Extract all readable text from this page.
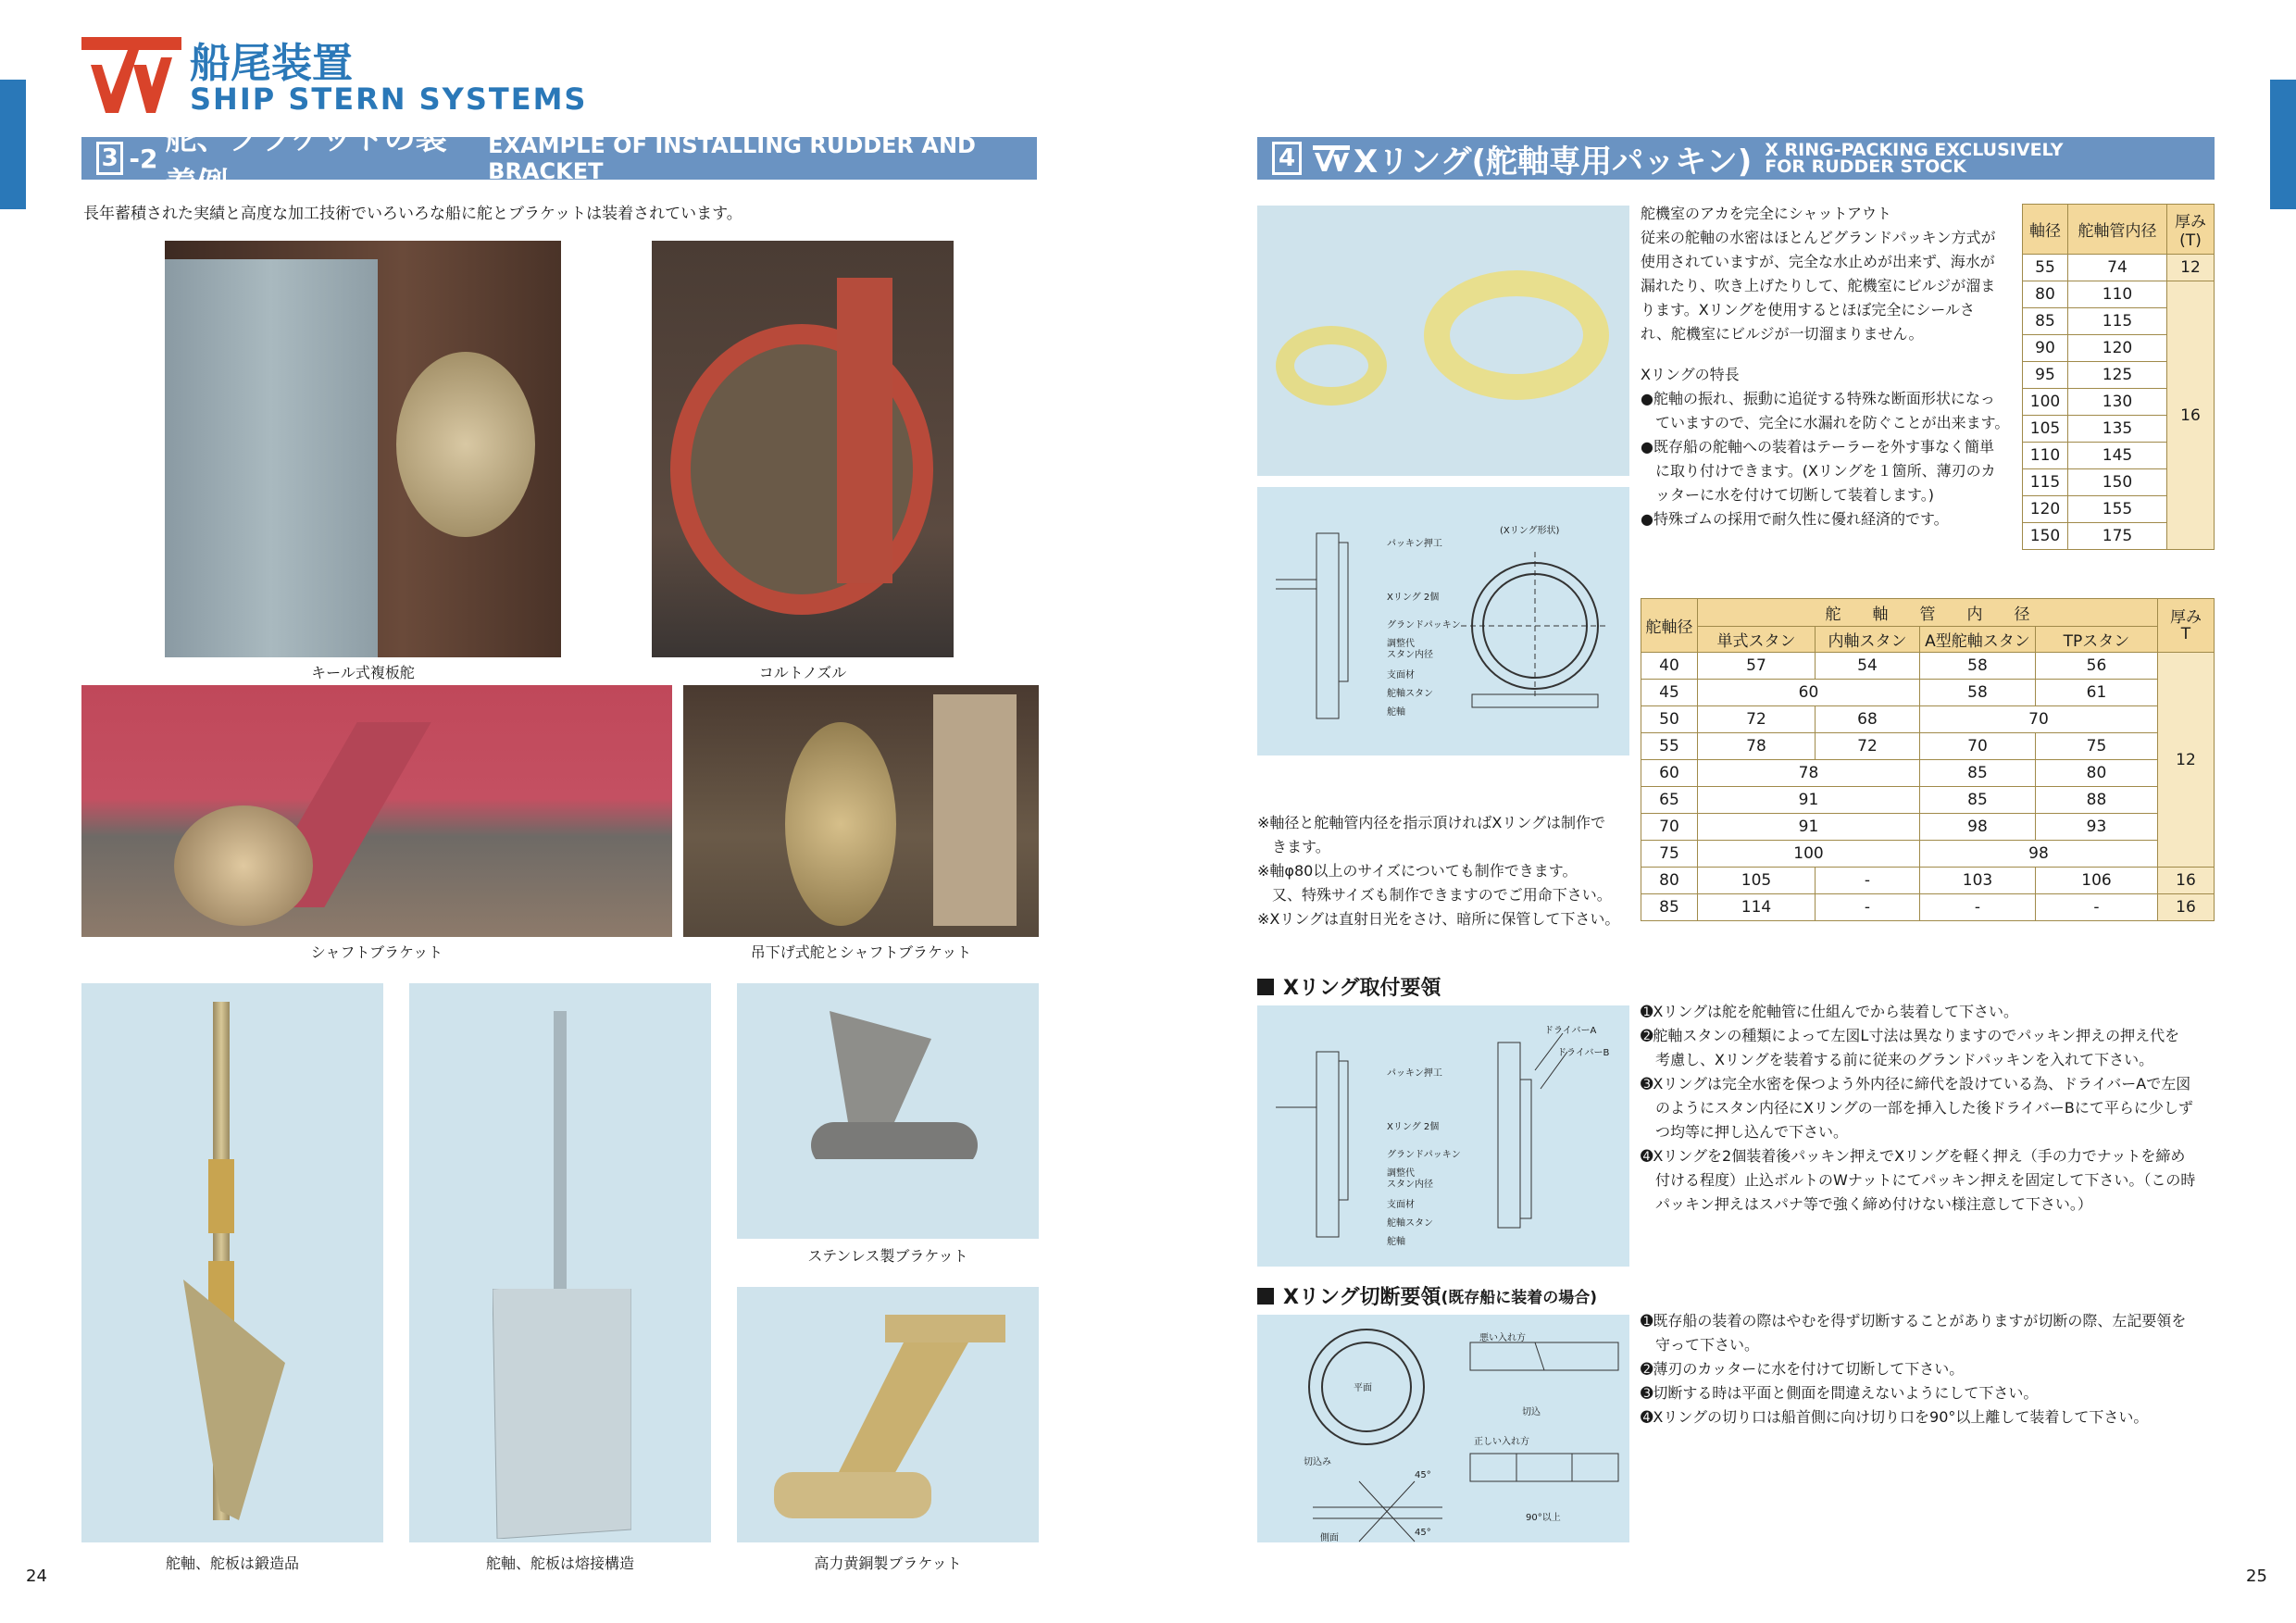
船尾装置
SHIP STERN SYSTEMS
3 -2
舵、ブラケットの装着例
EXAMPLE OF INSTALLING RUDDER AND BRACKET
長年蓄積された実績と高度な加工技術でいろいろな船に舵とブラケットは装着されています。
キール式複板舵	コルトノズル
シャフトブラケット	吊下げ式舵とシャフトブラケット
舵軸、舵板は鍛造品	舵軸、舵板は熔接構造
ステンレス製ブラケット
高力黄銅製ブラケット
24
4 Xリング(舵軸専用パッキン) X RING-PACKING EXCLUSIVELY
FOR RUDDER STOCK
パッキン押工
Xリング 2個
グランドパッキン
調整代
スタン内径
支面材
舵軸スタン
舵軸
(Xリング形状)
舵機室のアカを完全にシャットアウト
従来の舵軸の水密はほとんどグランドパッキン方式が
使用されていますが、完全な水止めが出来ず、海水が
漏れたり、吹き上げたりして、舵機室にビルジが溜ま
ります。Xリングを使用するとほぼ完全にシールさ
れ、舵機室にビルジが一切溜まりません。
Xリングの特長
●舵軸の振れ、振動に追従する特殊な断面形状になっ
　ていますので、完全に水漏れを防ぐことが出来ます。
●既存船の舵軸への装着はテーラーを外す事なく簡単
　に取り付けできます。(Xリングを１箇所、薄刃のカ
　ッターに水を付けて切断して装着します。)
●特殊ゴムの採用で耐久性に優れ経済的です。
軸径	舵軸管内径	厚み(T)
55	74	12
80	110	16
85	115	
90	120	
95	125	
100	130	
105	135	
110	145	
115	150	
120	155	
150	175	
舵軸径	舵　　軸　　管　　内　　径				厚み
T
	単式スタン	内軸スタン	A型舵軸スタン	TPスタン	
40	57	54	58	56	12
45	60		58	61	
50	72	68	70		
55	78	72	70	75	
60	78		85	80	
65	91		85	88	
70	91		98	93	
75	100		98		
80	105	-	103	106	16
85	114	-	-	-	16
※軸径と舵軸管内径を指示頂ければXリングは制作で
　きます。
※軸φ80以上のサイズについても制作できます。
　又、特殊サイズも制作できますのでご用命下さい。
※Xリングは直射日光をさけ、暗所に保管して下さい。
Xリング取付要領
パッキン押工
Xリング 2個
グランドパッキン
調整代
スタン内径
支面材
舵軸スタン
舵軸
ドライバーA
ドライバーB
➊Xリングは舵を舵軸管に仕組んでから装着して下さい。
➋舵軸スタンの種類によって左図L寸法は異なりますのでパッキン押えの押え代を
　考慮し、Xリングを装着する前に従来のグランドパッキンを入れて下さい。
➌Xリングは完全水密を保つよう外内径に締代を設けている為、ドライバーAで左図
　のようにスタン内径にXリングの一部を挿入した後ドライバーBにて平らに少しず
　つ均等に押し込んで下さい。
➍Xリングを2個装着後パッキン押えでXリングを軽く押え（手の力でナットを締め
　付ける程度）止込ボルトのWナットにてパッキン押えを固定して下さい。（この時
　パッキン押えはスパナ等で強く締め付けない様注意して下さい。）
Xリング切断要領 (既存船に装着の場合)
平面
切込み
側面
45°
45°
悪い入れ方
切込
正しい入れ方
90°以上
➊既存船の装着の際はやむを得ず切断することがありますが切断の際、左記要領を
　守って下さい。
➋薄刃のカッターに水を付けて切断して下さい。
➌切断する時は平面と側面を間違えないようにして下さい。
➍Xリングの切り口は船首側に向け切り口を90°以上離して装着して下さい。
25
